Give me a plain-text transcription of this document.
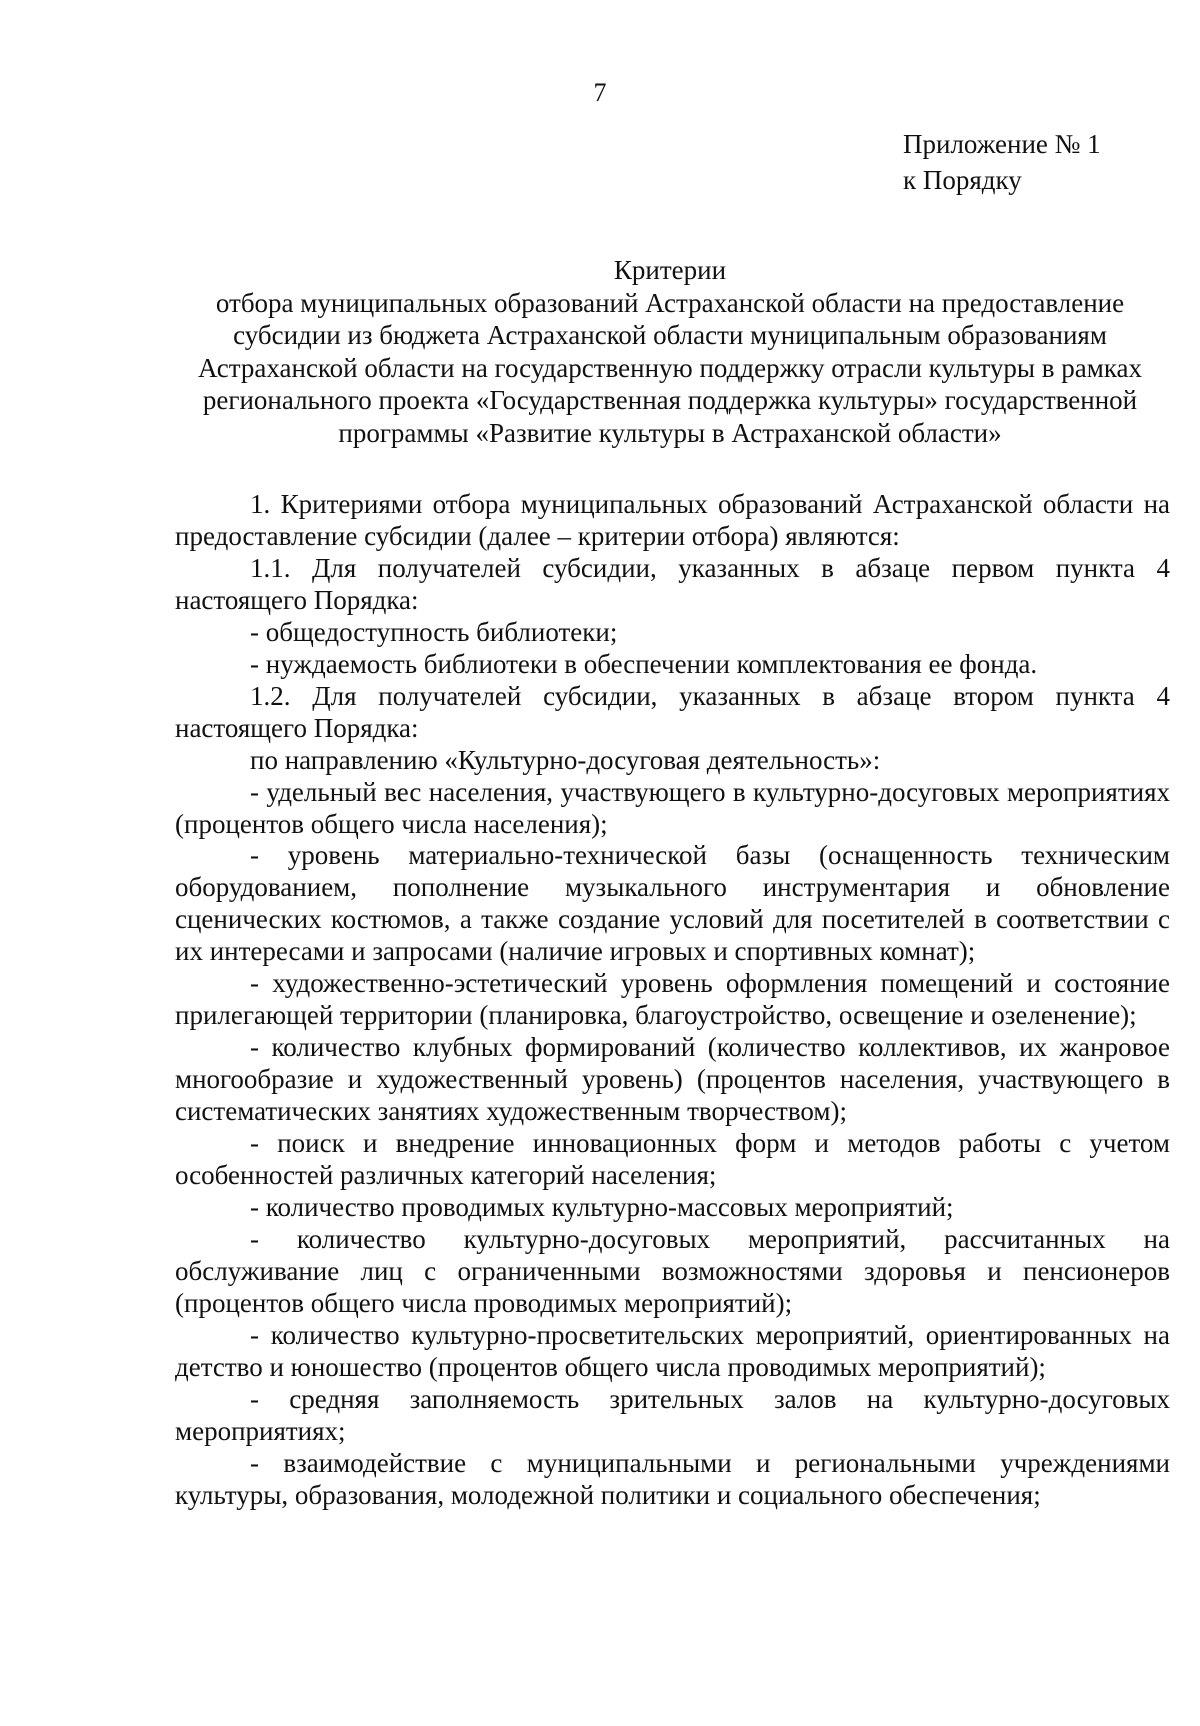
7
Приложение № 1
к Порядку
Критерии
отбора муниципальных образований Астраханской области на предоставление субсидии из бюджета Астраханской области муниципальным образованиям Астраханской области на государственную поддержку отрасли культуры в рамках регионального проекта «Государственная поддержка культуры» государственной программы «Развитие культуры в Астраханской области»

1. Критериями отбора муниципальных образований Астраханской области на предоставление субсидии (далее – критерии отбора) являются:

1.1. Для получателей субсидии, указанных в абзаце первом пункта 4 настоящего Порядка:

- общедоступность библиотеки;

- нуждаемость библиотеки в обеспечении комплектования ее фонда.

1.2. Для получателей субсидии, указанных в абзаце втором пункта 4 настоящего Порядка:

по направлению «Культурно-досуговая деятельность»:

- удельный вес населения, участвующего в культурно-досуговых мероприятиях (процентов общего числа населения);

- уровень материально-технической базы (оснащенность техническим оборудованием, пополнение музыкального инструментария и обновление сценических костюмов, а также создание условий для посетителей в соответствии с их интересами и запросами (наличие игровых и спортивных комнат);

- художественно-эстетический уровень оформления помещений и состояние прилегающей территории (планировка, благоустройство, освещение и озеленение);

- количество клубных формирований (количество коллективов, их жанровое многообразие и художественный уровень) (процентов населения, участвующего в систематических занятиях художественным творчеством);

- поиск и внедрение инновационных форм и методов работы с учетом особенностей различных категорий населения;

- количество проводимых культурно-массовых мероприятий;

- количество культурно-досуговых мероприятий, рассчитанных на обслуживание лиц с ограниченными возможностями здоровья и пенсионеров (процентов общего числа проводимых мероприятий);

- количество культурно-просветительских мероприятий, ориентированных на детство и юношество (процентов общего числа проводимых мероприятий);

- средняя заполняемость зрительных залов на культурно-досуговых мероприятиях;

- взаимодействие с муниципальными и региональными учреждениями культуры, образования, молодежной политики и социального обеспечения;
